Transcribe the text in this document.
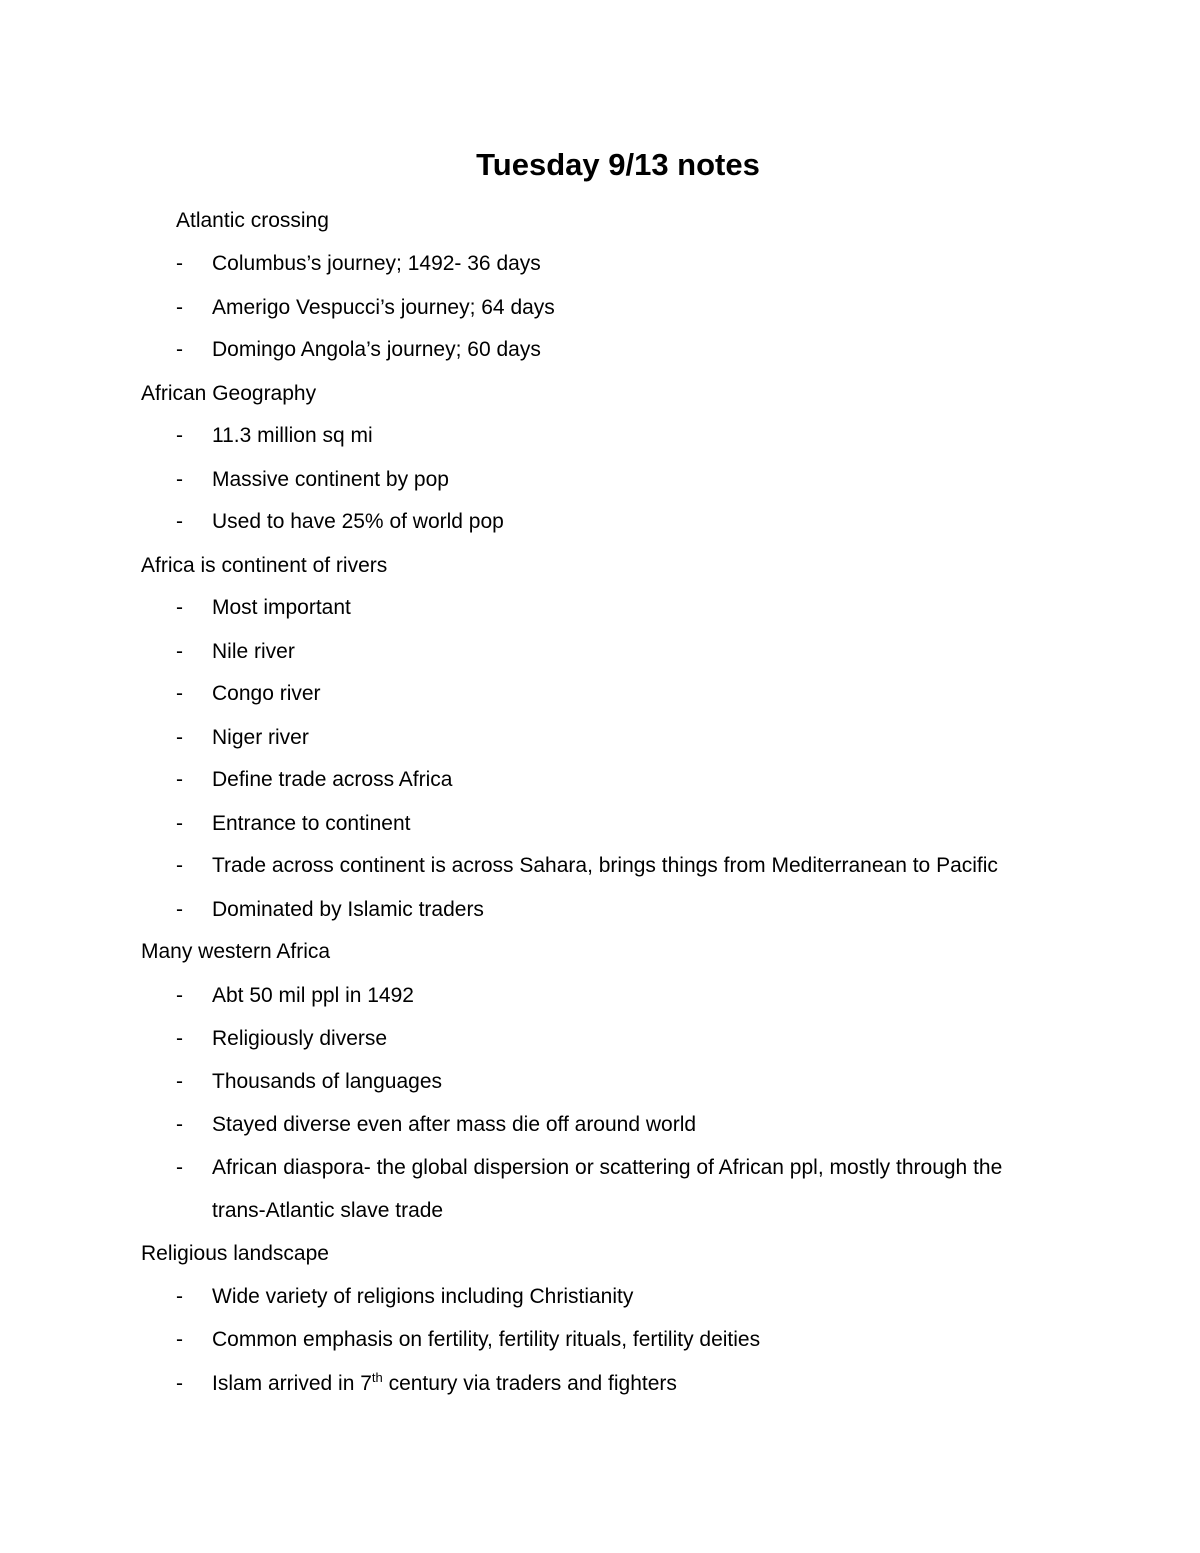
Tuesday 9/13 notes
Atlantic crossing
- Columbus’s journey; 1492- 36 days
- Amerigo Vespucci’s journey; 64 days
- Domingo Angola’s journey; 60 days
African Geography
- 11.3 million sq mi
- Massive continent by pop
- Used to have 25% of world pop
Africa is continent of rivers
- Most important
- Nile river
- Congo river
- Niger river
- Define trade across Africa
- Entrance to continent
- Trade across continent is across Sahara, brings things from Mediterranean to Pacific
- Dominated by Islamic traders
Many western Africa
- Abt 50 mil ppl in 1492
- Religiously diverse
- Thousands of languages
- Stayed diverse even after mass die off around world
- African diaspora- the global dispersion or scattering of African ppl, mostly through the
trans-Atlantic slave trade
Religious landscape
- Wide variety of religions including Christianity
- Common emphasis on fertility, fertility rituals, fertility deities
- Islam arrived in 7th century via traders and fighters
